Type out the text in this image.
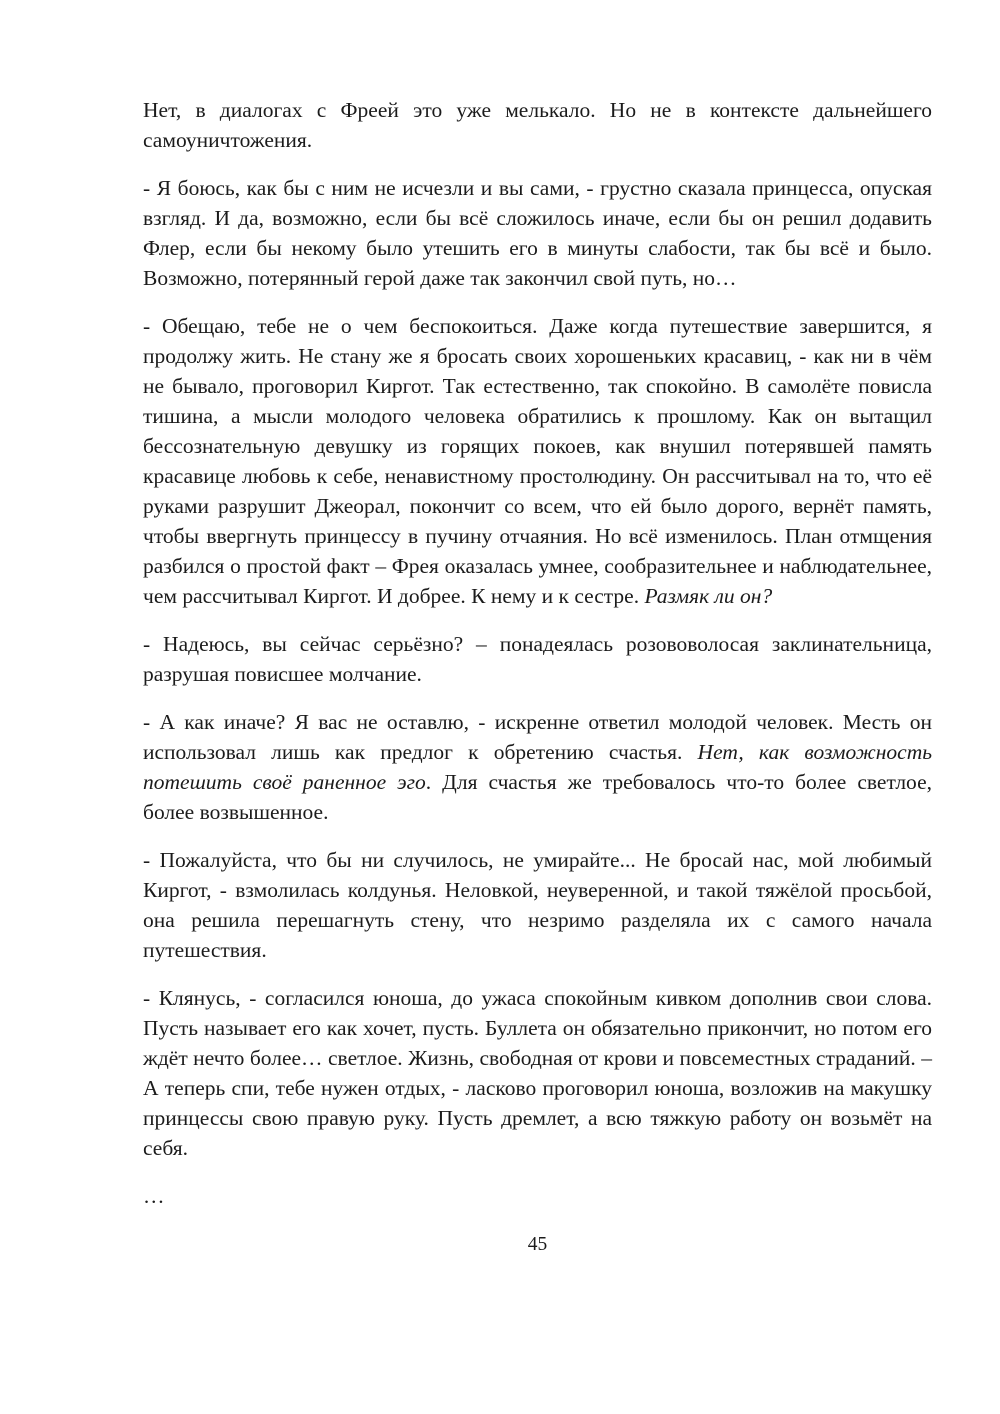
Нет, в диалогах с Фреей это уже мелькало. Но не в контексте дальнейшего самоуничтожения.

- Я боюсь, как бы с ним не исчезли и вы сами, - грустно сказала принцесса, опуская взгляд. И да, возможно, если бы всё сложилось иначе, если бы он решил додавить Флер, если бы некому было утешить его в минуты слабости, так бы всё и было. Возможно, потерянный герой даже так закончил свой путь, но…

- Обещаю, тебе не о чем беспокоиться. Даже когда путешествие завершится, я продолжу жить. Не стану же я бросать своих хорошеньких красавиц, - как ни в чём не бывало, проговорил Киргот. Так естественно, так спокойно. В самолёте повисла тишина, а мысли молодого человека обратились к прошлому. Как он вытащил бессознательную девушку из горящих покоев, как внушил потерявшей память красавице любовь к себе, ненавистному простолюдину. Он рассчитывал на то, что её руками разрушит Джеорал, покончит со всем, что ей было дорого, вернёт память, чтобы ввергнуть принцессу в пучину отчаяния. Но всё изменилось. План отмщения разбился о простой факт – Фрея оказалась умнее, сообразительнее и наблюдательнее, чем рассчитывал Киргот. И добрее. К нему и к сестре. Размяк ли он?

- Надеюсь, вы сейчас серьёзно? – понадеялась розововолосая заклинательница, разрушая повисшее молчание.

- А как иначе? Я вас не оставлю, - искренне ответил молодой человек. Месть он использовал лишь как предлог к обретению счастья. Нет, как возможность потешить своё раненное эго. Для счастья же требовалось что-то более светлое, более возвышенное.

- Пожалуйста, что бы ни случилось, не умирайте... Не бросай нас, мой любимый Киргот, - взмолилась колдунья. Неловкой, неуверенной, и такой тяжёлой просьбой, она решила перешагнуть стену, что незримо разделяла их с самого начала путешествия.

- Клянусь, - согласился юноша, до ужаса спокойным кивком дополнив свои слова. Пусть называет его как хочет, пусть. Буллета он обязательно прикончит, но потом его ждёт нечто более… светлое. Жизнь, свободная от крови и повсеместных страданий. – А теперь спи, тебе нужен отдых, - ласково проговорил юноша, возложив на макушку принцессы свою правую руку. Пусть дремлет, а всю тяжкую работу он возьмёт на себя.

…

45
